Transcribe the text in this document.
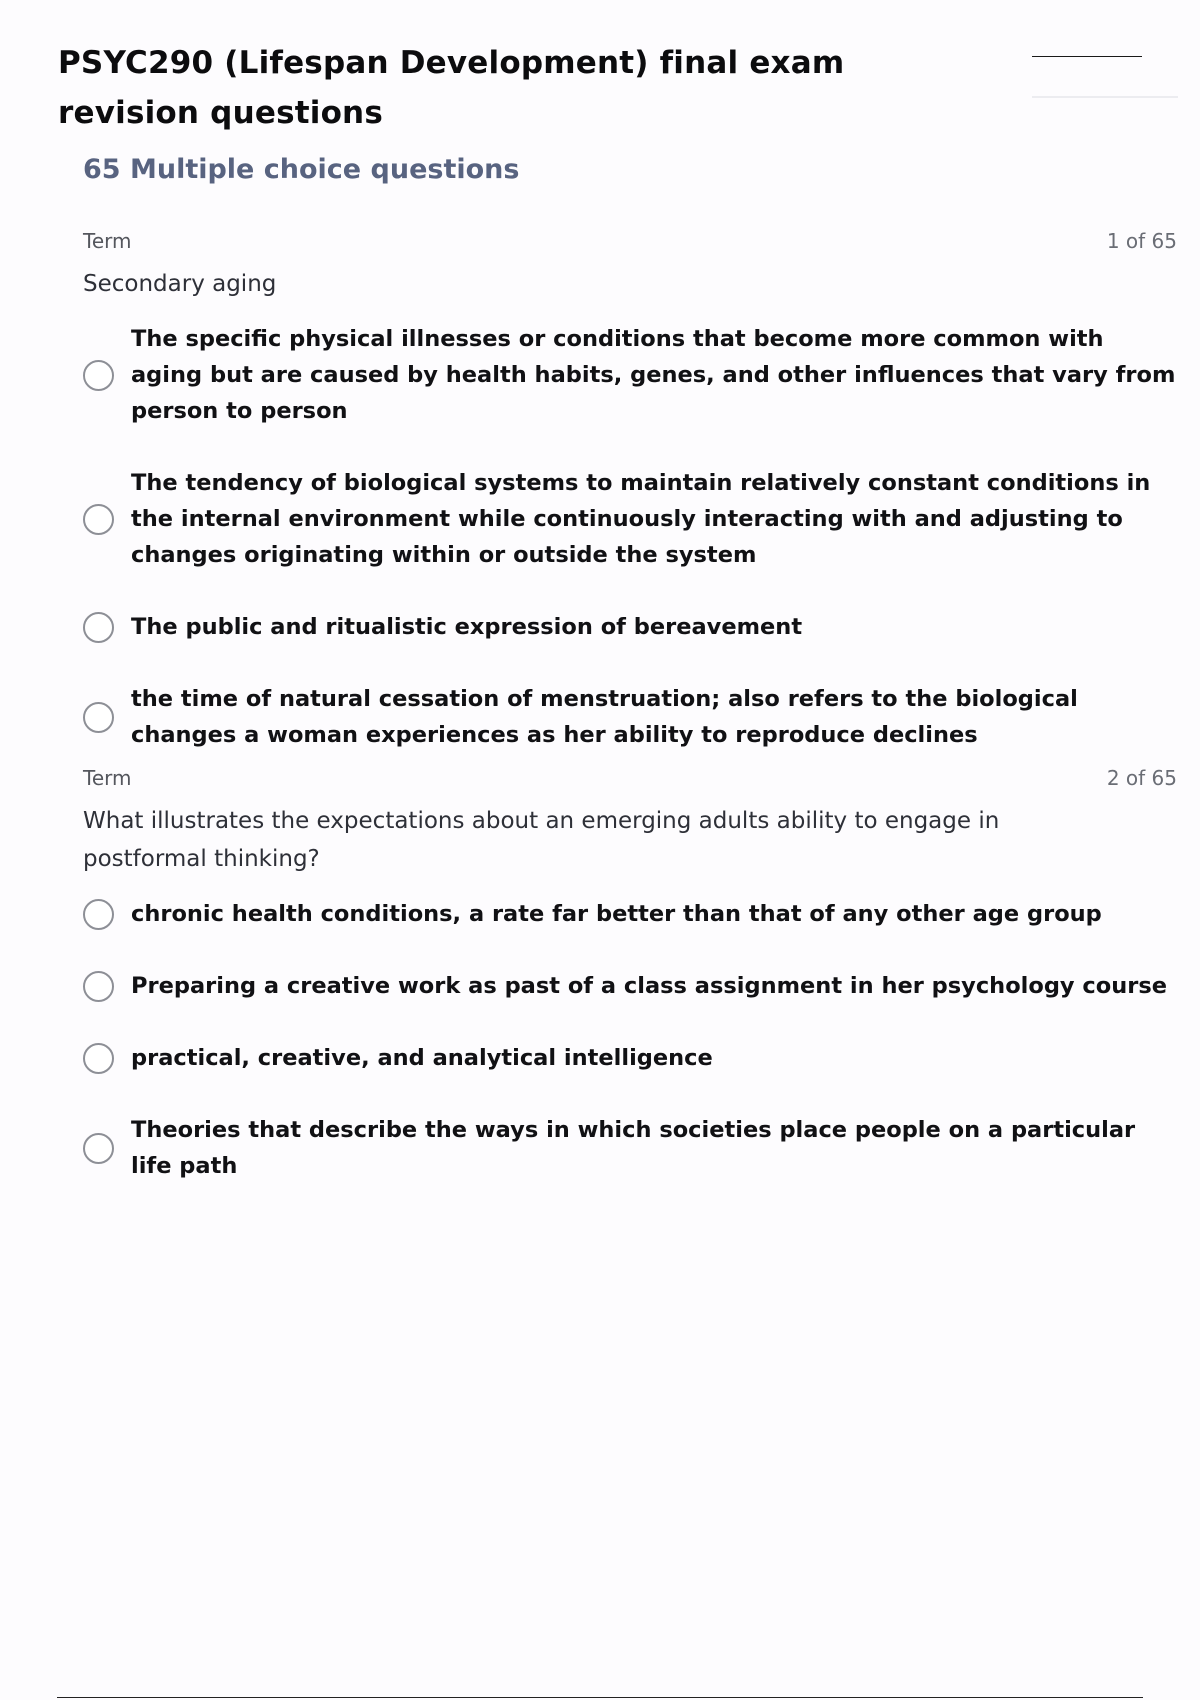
PSYC290 (Lifespan Development) final exam revision questions
65 Multiple choice questions
Term	1 of 65
Secondary aging
The specific physical illnesses or conditions that become more common with aging but are caused by health habits, genes, and other influences that vary from person to person
The tendency of biological systems to maintain relatively constant conditions in the internal environment while continuously interacting with and adjusting to changes originating within or outside the system
The public and ritualistic expression of bereavement
the time of natural cessation of menstruation; also refers to the biological changes a woman experiences as her ability to reproduce declines
Term	2 of 65
What illustrates the expectations about an emerging adults ability to engage in postformal thinking?
chronic health conditions, a rate far better than that of any other age group
Preparing a creative work as past of a class assignment in her psychology course
practical, creative, and analytical intelligence
Theories that describe the ways in which societies place people on a particular life path
